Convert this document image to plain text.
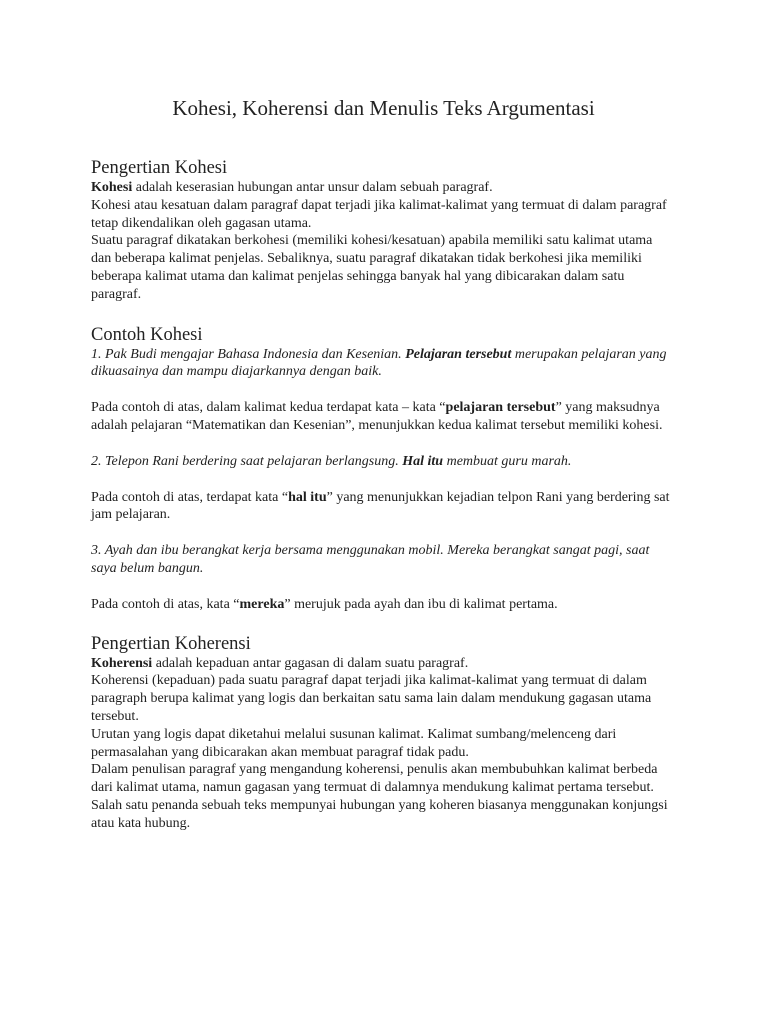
Kohesi, Koherensi dan Menulis Teks Argumentasi
Pengertian Kohesi

Kohesi adalah keserasian hubungan antar unsur dalam sebuah paragraf.

Kohesi atau kesatuan dalam paragraf dapat terjadi jika kalimat-kalimat yang termuat di dalam paragraf tetap dikendalikan oleh gagasan utama.

Suatu paragraf dikatakan berkohesi (memiliki kohesi/kesatuan) apabila memiliki satu kalimat utama dan beberapa kalimat penjelas. Sebaliknya, suatu paragraf dikatakan tidak berkohesi jika memiliki beberapa kalimat utama dan kalimat penjelas sehingga banyak hal yang dibicarakan dalam satu paragraf.

Contoh Kohesi

1. Pak Budi mengajar Bahasa Indonesia dan Kesenian. Pelajaran tersebut merupakan pelajaran yang dikuasainya dan mampu diajarkannya dengan baik.

Pada contoh di atas, dalam kalimat kedua terdapat kata – kata “pelajaran tersebut” yang maksudnya adalah pelajaran “Matematikan dan Kesenian”, menunjukkan kedua kalimat tersebut memiliki kohesi.

2. Telepon Rani berdering saat pelajaran berlangsung. Hal itu membuat guru marah.

Pada contoh di atas, terdapat kata “hal itu” yang menunjukkan kejadian telpon Rani yang berdering sat jam pelajaran.

3. Ayah dan ibu berangkat kerja bersama menggunakan mobil. Mereka berangkat sangat pagi, saat saya belum bangun.

Pada contoh di atas, kata “mereka” merujuk pada ayah dan ibu di kalimat pertama.

Pengertian Koherensi

Koherensi adalah kepaduan antar gagasan di dalam suatu paragraf.

Koherensi (kepaduan) pada suatu paragraf dapat terjadi jika kalimat-kalimat yang termuat di dalam paragraph berupa kalimat yang logis dan berkaitan satu sama lain dalam mendukung gagasan utama tersebut.

Urutan yang logis dapat diketahui melalui susunan kalimat. Kalimat sumbang/melenceng dari permasalahan yang dibicarakan akan membuat paragraf tidak padu.

Dalam penulisan paragraf yang mengandung koherensi, penulis akan membubuhkan kalimat berbeda dari kalimat utama, namun gagasan yang termuat di dalamnya mendukung kalimat pertama tersebut.

Salah satu penanda sebuah teks mempunyai hubungan yang koheren biasanya menggunakan konjungsi atau kata hubung.
